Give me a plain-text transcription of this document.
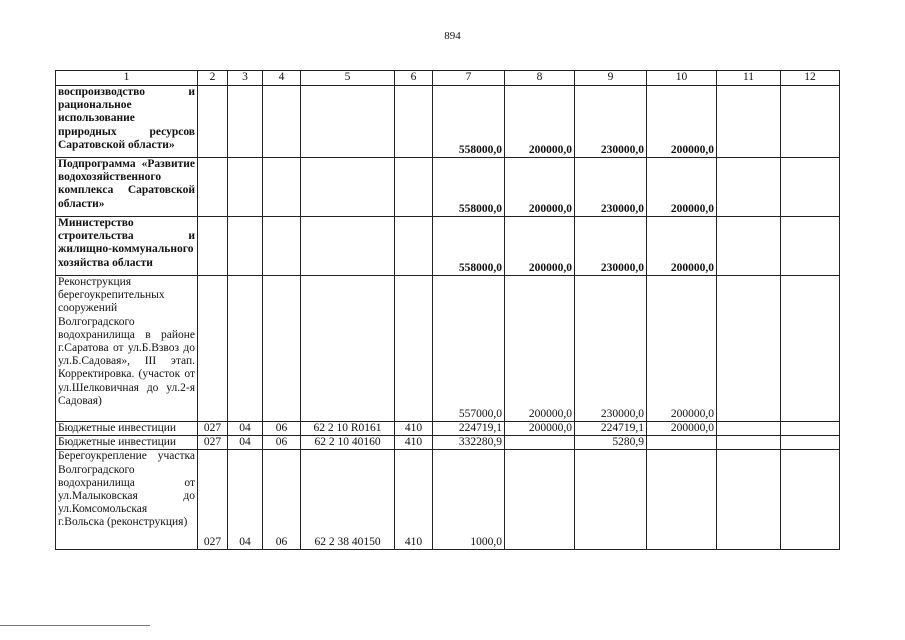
894
1	2	3	4	5	6	7	8	9	10	11	12
воспроизводство и рациональное использование природных ресурсов Саратовской области»						558000,0	200000,0	230000,0	200000,0		
Подпрограмма «Развитие водохозяйственного комплекса Саратовской области»						558000,0	200000,0	230000,0	200000,0		
Министерство строительства и жилищно-коммунального хозяйства области						558000,0	200000,0	230000,0	200000,0		
Реконструкция берегоукрепительных сооружений Волгоградского водохранилища в районе г.Саратова от ул.Б.Взвоз до ул.Б.Садовая», III этап. Корректировка. (участок от ул.Шелковичная до ул.2-я Садовая)						557000,0	200000,0	230000,0	200000,0		
Бюджетные инвестиции	027	04	06	62 2 10 R0161	410	224719,1	200000,0	224719,1	200000,0		
Бюджетные инвестиции	027	04	06	62 2 10 40160	410	332280,9		5280,9			
Берегоукрепление участка Волгоградского водохранилища от ул.Малыковская до ул.Комсомольская г.Вольска (реконструкция)	027	04	06	62 2 38 40150	410	1000,0					
